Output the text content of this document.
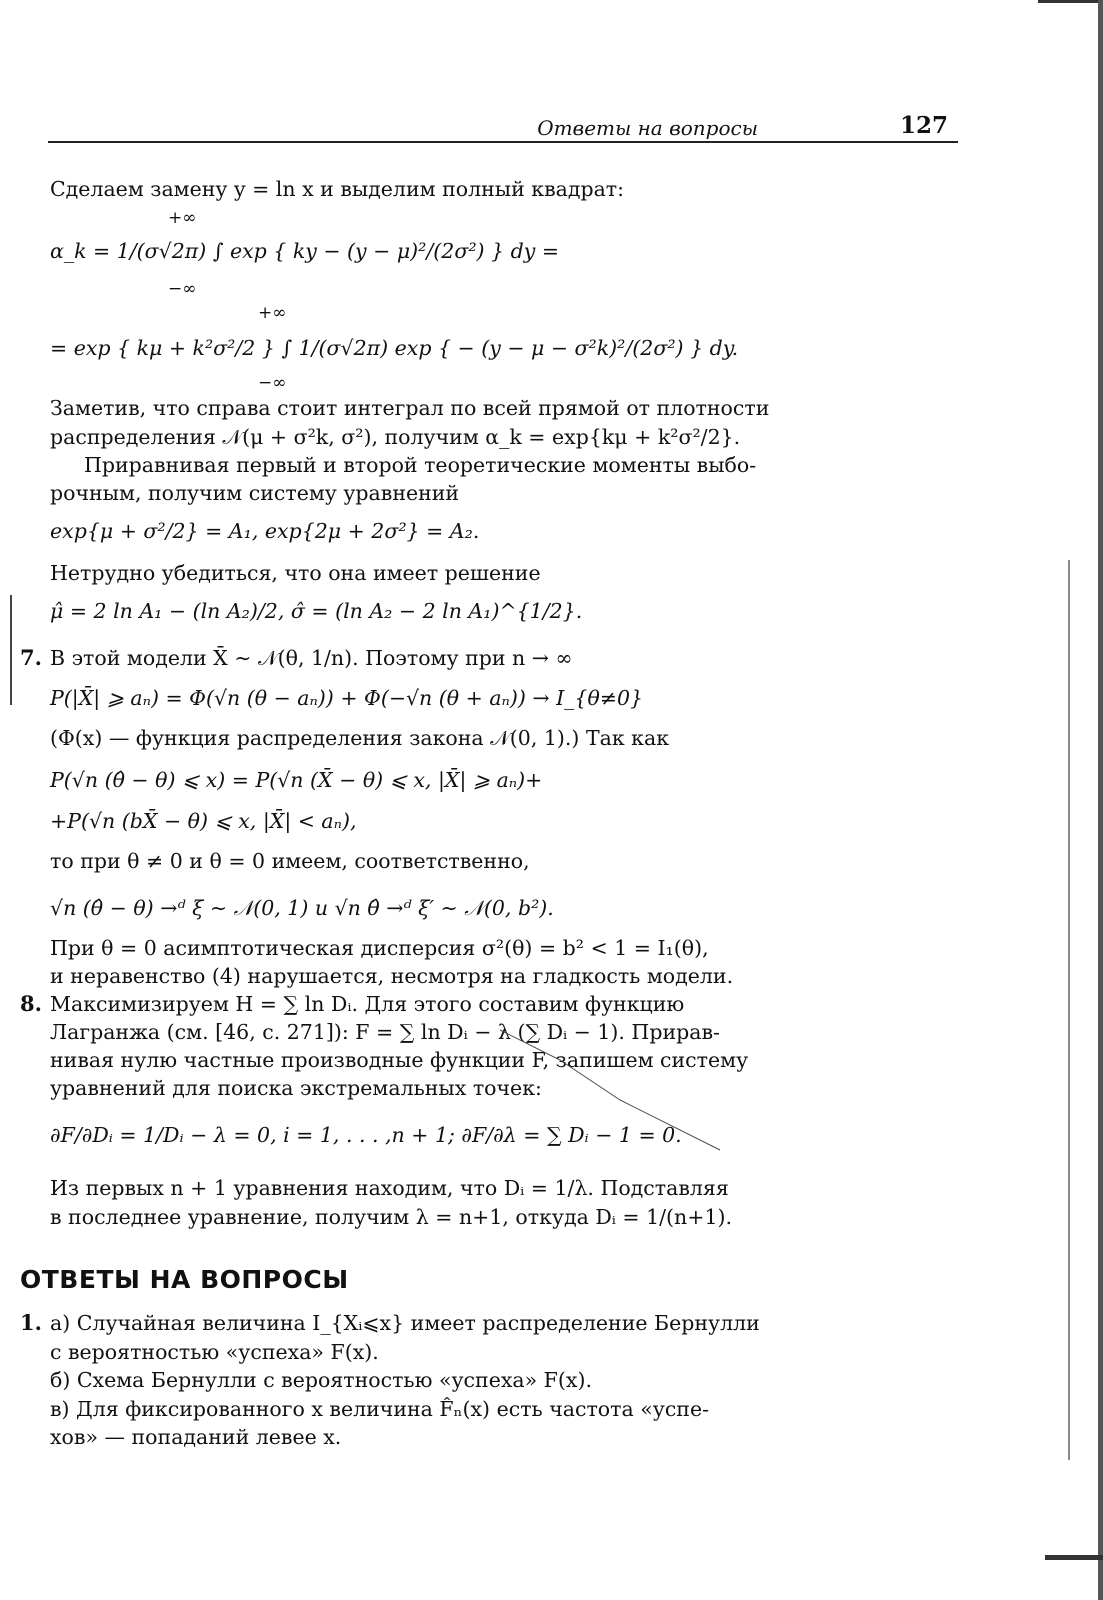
Ответы на вопросы	127
Сделаем замену y = ln x и выделим полный квадрат:
+∞
α_k = 1/(σ√2π) ∫ exp { ky − (y − μ)²/(2σ²) } dy =
−∞
+∞
= exp { kμ + k²σ²/2 } ∫ 1/(σ√2π) exp { − (y − μ − σ²k)²/(2σ²) } dy.
−∞
Заметив, что справа стоит интеграл по всей прямой от плотности
распределения 𝒩(μ + σ²k, σ²), получим α_k = exp{kμ + k²σ²/2}.
Приравнивая первый и второй теоретические моменты выбо-
рочным, получим систему уравнений
exp{μ + σ²/2} = A₁, exp{2μ + 2σ²} = A₂.
Нетрудно убедиться, что она имеет решение
μ̂ = 2 ln A₁ − (ln A₂)/2, σ̂ = (ln A₂ − 2 ln A₁)^{1/2}.
7. В этой модели X̄ ∼ 𝒩(θ, 1/n). Поэтому при n → ∞
P(|X̄| ⩾ aₙ) = Φ(√n (θ − aₙ)) + Φ(−√n (θ + aₙ)) → I_{θ≠0}
(Φ(x) — функция распределения закона 𝒩(0, 1).) Так как
P(√n (θ̂ − θ) ⩽ x) = P(√n (X̄ − θ) ⩽ x, |X̄| ⩾ aₙ)+
+P(√n (bX̄ − θ) ⩽ x, |X̄| < aₙ),
то при θ ≠ 0 и θ = 0 имеем, соответственно,
√n (θ̂ − θ) →ᵈ ξ ∼ 𝒩(0, 1) и √n θ̂ →ᵈ ξ′ ∼ 𝒩(0, b²).
При θ = 0 асимптотическая дисперсия σ²(θ) = b² < 1 = I₁(θ),
и неравенство (4) нарушается, несмотря на гладкость модели.
8. Максимизируем H = ∑ ln Dᵢ. Для этого составим функцию
Лагранжа (см. [46, с. 271]): F = ∑ ln Dᵢ − λ (∑ Dᵢ − 1). Прирав-
нивая нулю частные производные функции F, запишем систему
уравнений для поиска экстремальных точек:
∂F/∂Dᵢ = 1/Dᵢ − λ = 0, i = 1, . . . ,n + 1; ∂F/∂λ = ∑ Dᵢ − 1 = 0.
Из первых n + 1 уравнения находим, что Dᵢ = 1/λ. Подставляя
в последнее уравнение, получим λ = n+1, откуда Dᵢ = 1/(n+1).
ОТВЕТЫ НА ВОПРОСЫ
1. а) Случайная величина I_{Xᵢ⩽x} имеет распределение Бернулли
с вероятностью «успеха» F(x).
б) Схема Бернулли с вероятностью «успеха» F(x).
в) Для фиксированного x величина F̂ₙ(x) есть частота «успе-
хов» — попаданий левее x.
